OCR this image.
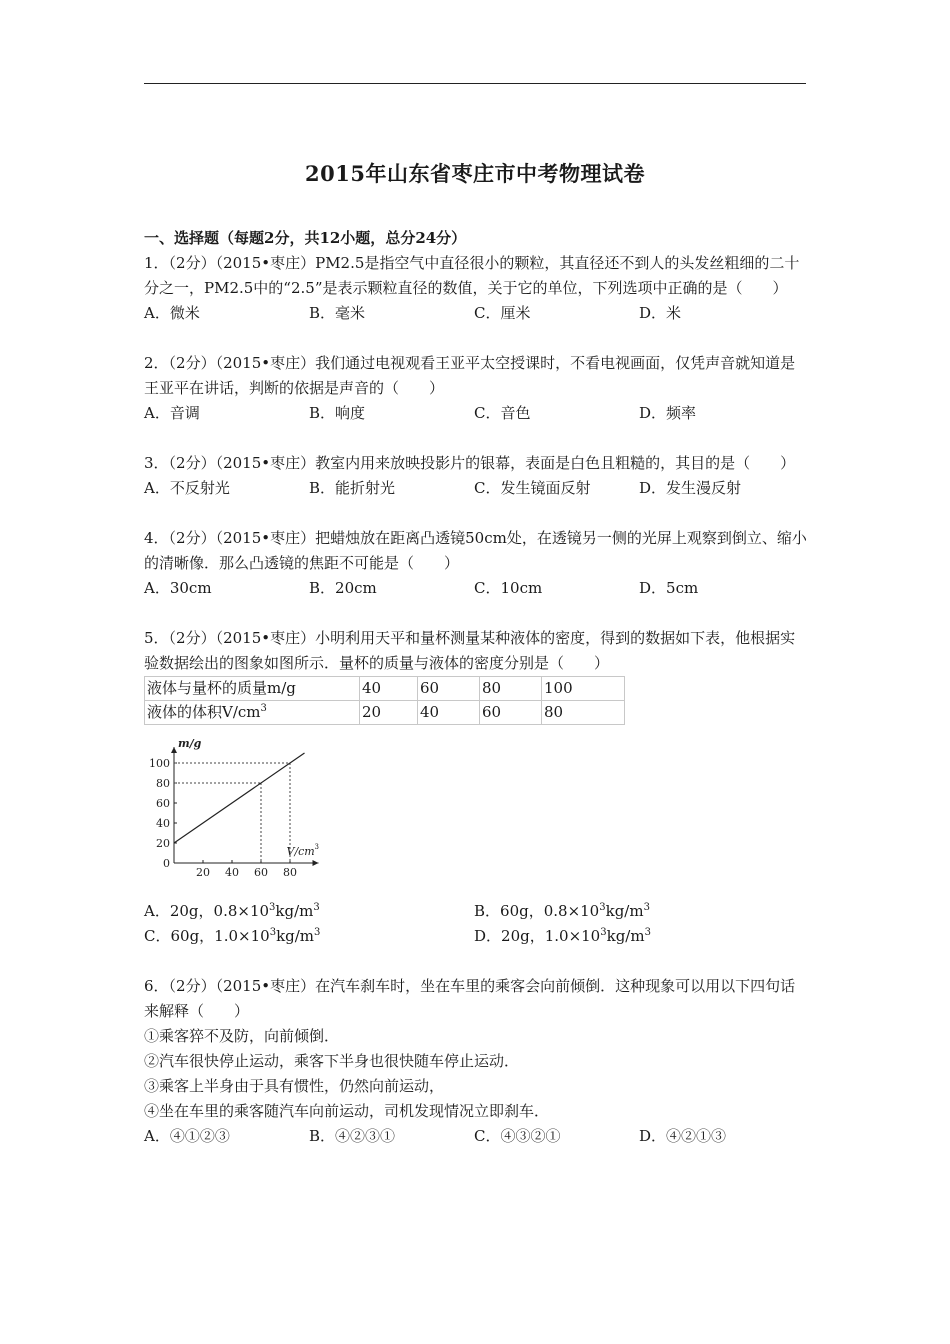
2015年山东省枣庄市中考物理试卷
一、选择题（每题2分，共12小题，总分24分）

1．（2分）（2015•枣庄）PM2.5是指空气中直径很小的颗粒，其直径还不到人的头发丝粗细的二十分之一，PM2.5中的“2.5”是表示颗粒直径的数值，关于它的单位，下列选项中正确的是（　　）

A．微米	B．毫米	C．厘米	D．米

2．（2分）（2015•枣庄）我们通过电视观看王亚平太空授课时，不看电视画面，仅凭声音就知道是王亚平在讲话，判断的依据是声音的（　　）

A．音调	B．响度	C．音色	D．频率

3．（2分）（2015•枣庄）教室内用来放映投影片的银幕，表面是白色且粗糙的，其目的是（　　）

A．不反射光	B．能折射光	C．发生镜面反射	D．发生漫反射

4．（2分）（2015•枣庄）把蜡烛放在距离凸透镜50cm处，在透镜另一侧的光屏上观察到倒立、缩小的清晰像．那么凸透镜的焦距不可能是（　　）

A．30cm	B．20cm	C．10cm	D．5cm

5．（2分）（2015•枣庄）小明利用天平和量杯测量某种液体的密度，得到的数据如下表，他根据实验数据绘出的图象如图所示．量杯的质量与液体的密度分别是（　　）

液体与量杯的质量m/g	40	60	80	100
液体的体积$V/cm^3$	20	40	60	80
20 40 60 80
0
20
40
60
80
100
m/g
V/cm 3
A．20g，$0.8\times 10^3kg/m^3$	B．60g，$0.8\times 10^3kg/m^3$
C．60g，$1.0\times 10^3kg/m^3$	D．20g，$1.0\times 10^3kg/m^3$

6．（2分）（2015•枣庄）在汽车刹车时，坐在车里的乘客会向前倾倒．这种现象可以用以下四句话来解释（　　）

①乘客猝不及防，向前倾倒．

②汽车很快停止运动，乘客下半身也很快随车停止运动．

③乘客上半身由于具有惯性，仍然向前运动，

④坐在车里的乘客随汽车向前运动，司机发现情况立即刹车．

A．④①②③	B．④②③①	C．④③②①	D．④②①③
